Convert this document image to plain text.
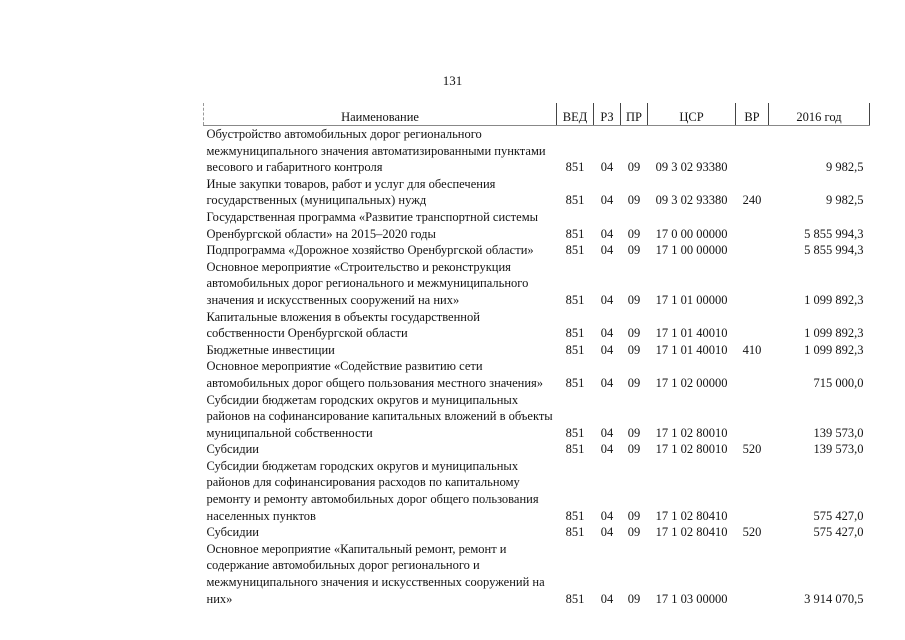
131
Наименование	ВЕД	РЗ	ПР	ЦСР	ВР	2016 год
Обустройство автомобильных дорог регионального межмуниципального значения автоматизированными пунктами весового и габаритного контроля	851	04	09	09 3 02 93380		9 982,5
Иные закупки товаров, работ и услуг для обеспечения государственных (муниципальных) нужд	851	04	09	09 3 02 93380	240	9 982,5
Государственная программа «Развитие транспортной системы Оренбургской области» на 2015–2020 годы	851	04	09	17 0 00 00000		5 855 994,3
Подпрограмма «Дорожное хозяйство Оренбургской области»	851	04	09	17 1 00 00000		5 855 994,3
Основное мероприятие «Строительство и реконструкция автомобильных дорог регионального и межмуниципального значения и искусственных сооружений на них»	851	04	09	17 1 01 00000		1 099 892,3
Капитальные вложения в объекты государственной собственности Оренбургской области	851	04	09	17 1 01 40010		1 099 892,3
Бюджетные инвестиции	851	04	09	17 1 01 40010	410	1 099 892,3
Основное мероприятие «Содействие развитию сети автомобильных дорог общего пользования местного значения»	851	04	09	17 1 02 00000		715 000,0
Субсидии бюджетам городских округов и муниципальных районов на софинансирование капитальных вложений в объекты муниципальной собственности	851	04	09	17 1 02 80010		139 573,0
Субсидии	851	04	09	17 1 02 80010	520	139 573,0
Субсидии бюджетам городских округов и муниципальных районов для софинансирования расходов по капитальному ремонту и ремонту автомобильных дорог общего пользования населенных пунктов	851	04	09	17 1 02 80410		575 427,0
Субсидии	851	04	09	17 1 02 80410	520	575 427,0
Основное мероприятие «Капитальный ремонт, ремонт и содержание автомобильных дорог регионального и межмуниципального значения и искусственных сооружений на них»	851	04	09	17 1 03 00000		3 914 070,5
